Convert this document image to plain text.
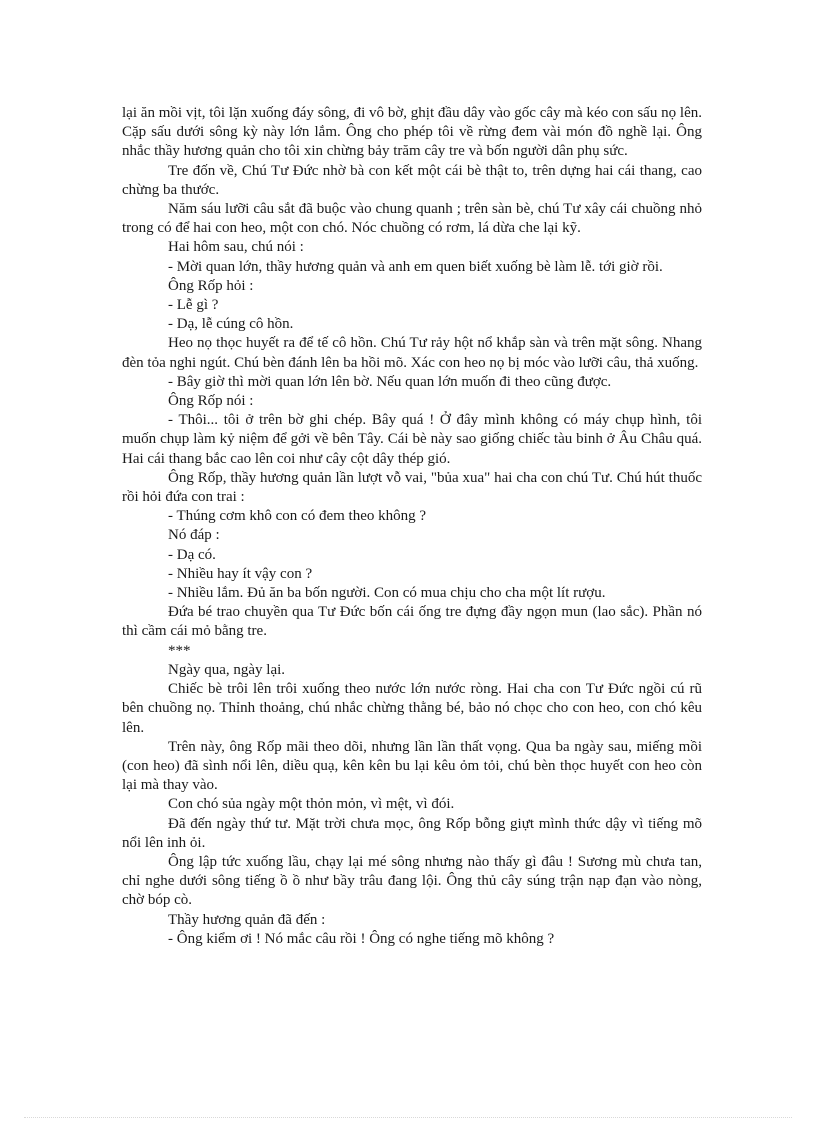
lại ăn mồi vịt, tôi lặn xuống đáy sông, đi vô bờ, ghịt đầu dây vào gốc cây mà kéo con sấu nọ lên. Cặp sấu dưới sông kỳ này lớn lắm. Ông cho phép tôi về rừng đem vài món đồ nghề lại. Ông nhắc thầy hương quản cho tôi xin chừng bảy trăm cây tre và bốn người dân phụ sức.

Tre đốn về, Chú Tư Đức nhờ bà con kết một cái bè thật to, trên dựng hai cái thang, cao chừng ba thước.

Năm sáu lưỡi câu sắt đã buộc vào chung quanh ; trên sàn bè, chú Tư xây cái chuồng nhỏ trong có để hai con heo, một con chó. Nóc chuồng có rơm, lá dừa che lại kỹ.

Hai hôm sau, chú nói :

- Mời quan lớn, thầy hương quản và anh em quen biết xuống bè làm lễ. tới giờ rồi.

Ông Rốp hỏi :

- Lễ gì ?

- Dạ, lễ cúng cô hồn.

Heo nọ thọc huyết ra để tế cô hồn. Chú Tư rảy hột nổ khắp sàn và trên mặt sông. Nhang đèn tỏa nghi ngút. Chú bèn đánh lên ba hồi mõ. Xác con heo nọ bị móc vào lưỡi câu, thả xuống.

- Bây giờ thì mời quan lớn lên bờ. Nếu quan lớn muốn đi theo cũng được.

Ông Rốp nói :

- Thôi... tôi ở trên bờ ghi chép. Bây quá ! Ở đây mình không có máy chụp hình, tôi muốn chụp làm kỷ niệm để gởi về bên Tây. Cái bè này sao giống chiếc tàu binh ở Âu Châu quá. Hai cái thang bắc cao lên coi như cây cột dây thép gió.

Ông Rốp, thầy hương quản lần lượt vỗ vai, "bủa xua" hai cha con chú Tư. Chú hút thuốc rồi hỏi đứa con trai :

- Thúng cơm khô con có đem theo không ?

Nó đáp :

- Dạ có.

- Nhiều hay ít vậy con ?

- Nhiều lắm. Đủ ăn ba bốn người. Con có mua chịu cho cha một lít rượu.

Đứa bé trao chuyền qua Tư Đức bốn cái ống tre đựng đầy ngọn mun (lao sắc). Phần nó thì cầm cái mỏ bằng tre.

***

Ngày qua, ngày lại.

Chiếc bè trôi lên trôi xuống theo nước lớn nước ròng. Hai cha con Tư Đức ngồi cú rũ bên chuồng nọ. Thỉnh thoảng, chú nhắc chừng thằng bé, bảo nó chọc cho con heo, con chó kêu lên.

Trên này, ông Rốp mãi theo dõi, nhưng lần lần thất vọng. Qua ba ngày sau, miếng mồi (con heo) đã sình nổi lên, diều quạ, kên kên bu lại kêu ỏm tỏi, chú bèn thọc huyết con heo còn lại mà thay vào.

Con chó sủa ngày một thỏn mỏn, vì mệt, vì đói.

Đã đến ngày thứ tư. Mặt trời chưa mọc, ông Rốp bỗng giựt mình thức dậy vì tiếng mõ nổi lên inh ỏi.

Ông lập tức xuống lầu, chạy lại mé sông nhưng nào thấy gì đâu ! Sương mù chưa tan, chỉ nghe dưới sông tiếng ồ ồ như bầy trâu đang lội. Ông thủ cây súng trận nạp đạn vào nòng, chờ bóp cò.

Thầy hương quản đã đến :

- Ông kiểm ơi ! Nó mắc câu rồi ! Ông có nghe tiếng mõ không ?
